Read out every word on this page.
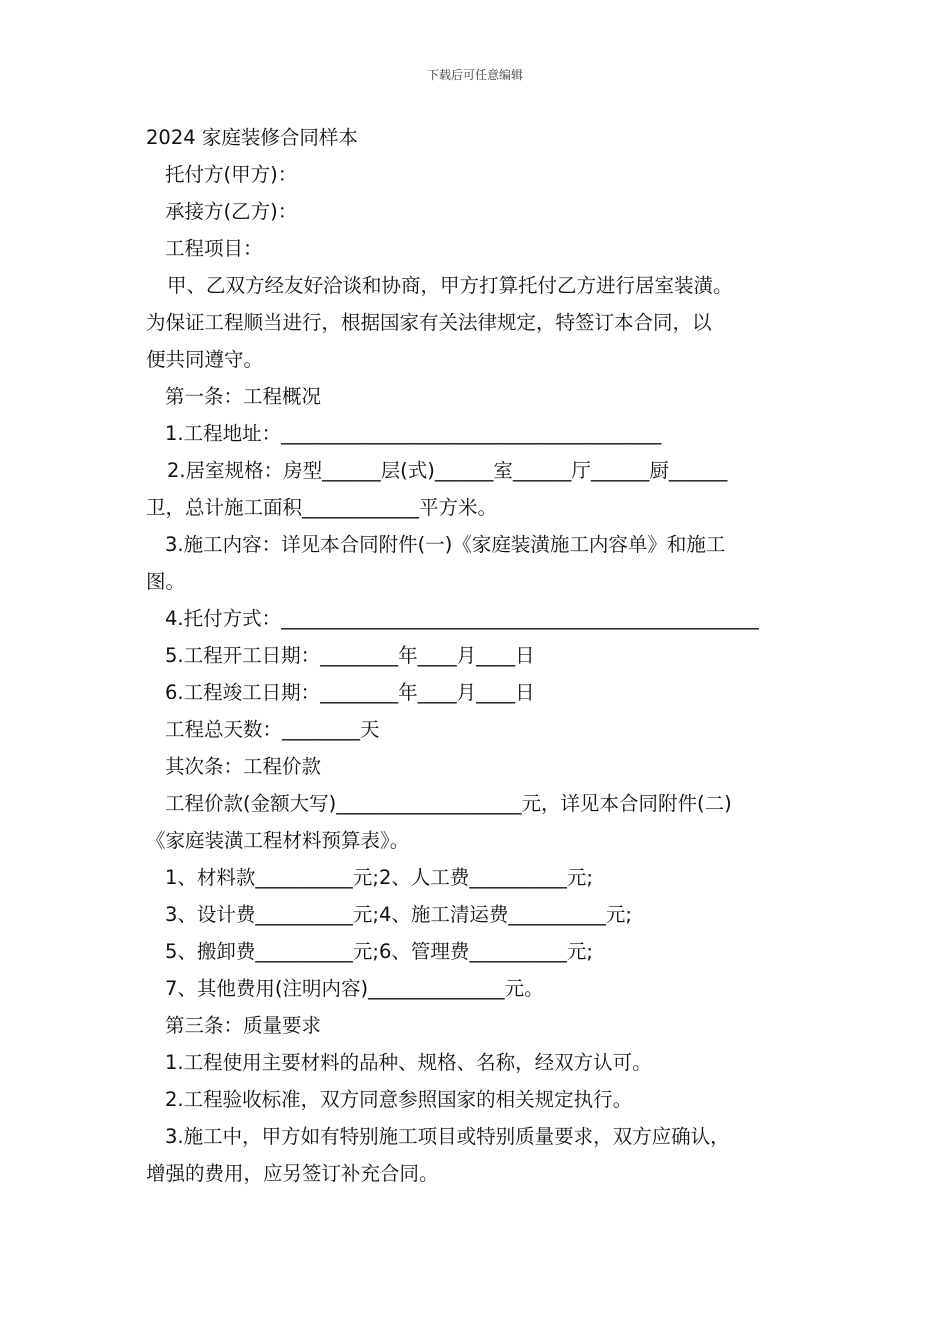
下载后可任意编辑
2024 家庭装修合同样本
托付方(甲方)：
承接方(乙方)：
工程项目：
甲、乙双方经友好洽谈和协商，甲方打算托付乙方进行居室装潢。
为保证工程顺当进行，根据国家有关法律规定，特签订本合同，以
便共同遵守。
第一条：工程概况
1.工程地址：_______________________________________
2.居室规格：房型______层(式)______室______厅______厨______
卫，总计施工面积____________平方米。
3.施工内容：详见本合同附件(一)《家庭装潢施工内容单》和施工
图。
4.托付方式：_________________________________________________
5.工程开工日期：________年____月____日
6.工程竣工日期：________年____月____日
工程总天数：________天
其次条：工程价款
工程价款(金额大写)___________________元，详见本合同附件(二)
《家庭装潢工程材料预算表》。
1、材料款__________元;2、人工费__________元;
3、设计费__________元;4、施工清运费__________元;
5、搬卸费__________元;6、管理费__________元;
7、其他费用(注明内容)______________元。
第三条：质量要求
1.工程使用主要材料的品种、规格、名称，经双方认可。
2.工程验收标准，双方同意参照国家的相关规定执行。
3.施工中，甲方如有特别施工项目或特别质量要求，双方应确认，
增强的费用，应另签订补充合同。
